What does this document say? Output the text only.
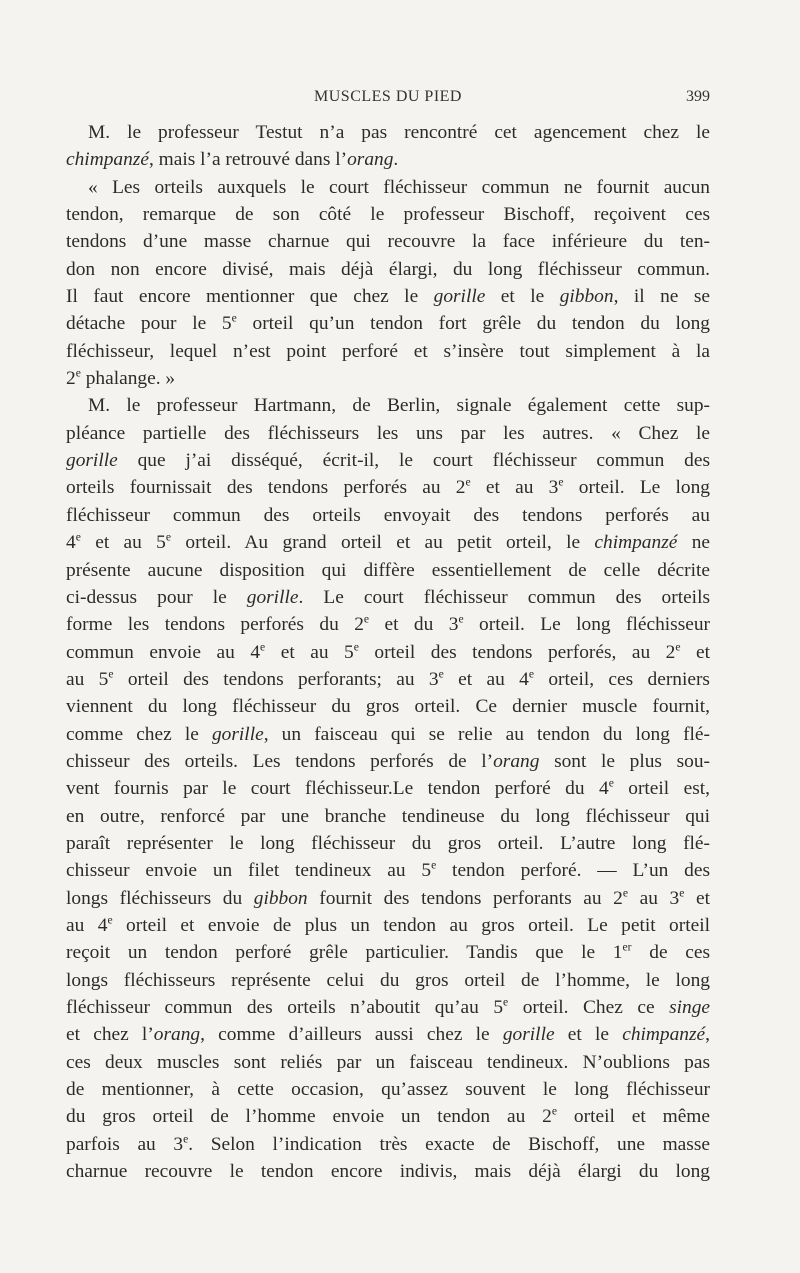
MUSCLES DU PIED	399
M. le professeur Testut n’a pas rencontré cet agencement chez le
chimpanzé, mais l’a retrouvé dans l’orang.
« Les orteils auxquels le court fléchisseur commun ne fournit aucun
tendon, remarque de son côté le professeur Bischoff, reçoivent ces
tendons d’une masse charnue qui recouvre la face inférieure du ten-
don non encore divisé, mais déjà élargi, du long fléchisseur commun.
Il faut encore mentionner que chez le gorille et le gibbon, il ne se
détache pour le 5e orteil qu’un tendon fort grêle du tendon du long
fléchisseur, lequel n’est point perforé et s’insère tout simplement à la
2e phalange. »
M. le professeur Hartmann, de Berlin, signale également cette sup-
pléance partielle des fléchisseurs les uns par les autres. « Chez le
gorille que j’ai disséqué, écrit-il, le court fléchisseur commun des
orteils fournissait des tendons perforés au 2e et au 3e orteil. Le long
fléchisseur commun des orteils envoyait des tendons perforés au
4e et au 5e orteil. Au grand orteil et au petit orteil, le chimpanzé ne
présente aucune disposition qui diffère essentiellement de celle décrite
ci-dessus pour le gorille. Le court fléchisseur commun des orteils
forme les tendons perforés du 2e et du 3e orteil. Le long fléchisseur
commun envoie au 4e et au 5e orteil des tendons perforés, au 2e et
au 5e orteil des tendons perforants; au 3e et au 4e orteil, ces derniers
viennent du long fléchisseur du gros orteil. Ce dernier muscle fournit,
comme chez le gorille, un faisceau qui se relie au tendon du long flé-
chisseur des orteils. Les tendons perforés de l’orang sont le plus sou-
vent fournis par le court fléchisseur.Le tendon perforé du 4e orteil est,
en outre, renforcé par une branche tendineuse du long fléchisseur qui
paraît représenter le long fléchisseur du gros orteil. L’autre long flé-
chisseur envoie un filet tendineux au 5e tendon perforé. — L’un des
longs fléchisseurs du gibbon fournit des tendons perforants au 2e au 3e et
au 4e orteil et envoie de plus un tendon au gros orteil. Le petit orteil
reçoit un tendon perforé grêle particulier. Tandis que le 1er de ces
longs fléchisseurs représente celui du gros orteil de l’homme, le long
fléchisseur commun des orteils n’aboutit qu’au 5e orteil. Chez ce singe
et chez l’orang, comme d’ailleurs aussi chez le gorille et le chimpanzé,
ces deux muscles sont reliés par un faisceau tendineux. N’oublions pas
de mentionner, à cette occasion, qu’assez souvent le long fléchisseur
du gros orteil de l’homme envoie un tendon au 2e orteil et même
parfois au 3e. Selon l’indication très exacte de Bischoff, une masse
charnue recouvre le tendon encore indivis, mais déjà élargi du long
